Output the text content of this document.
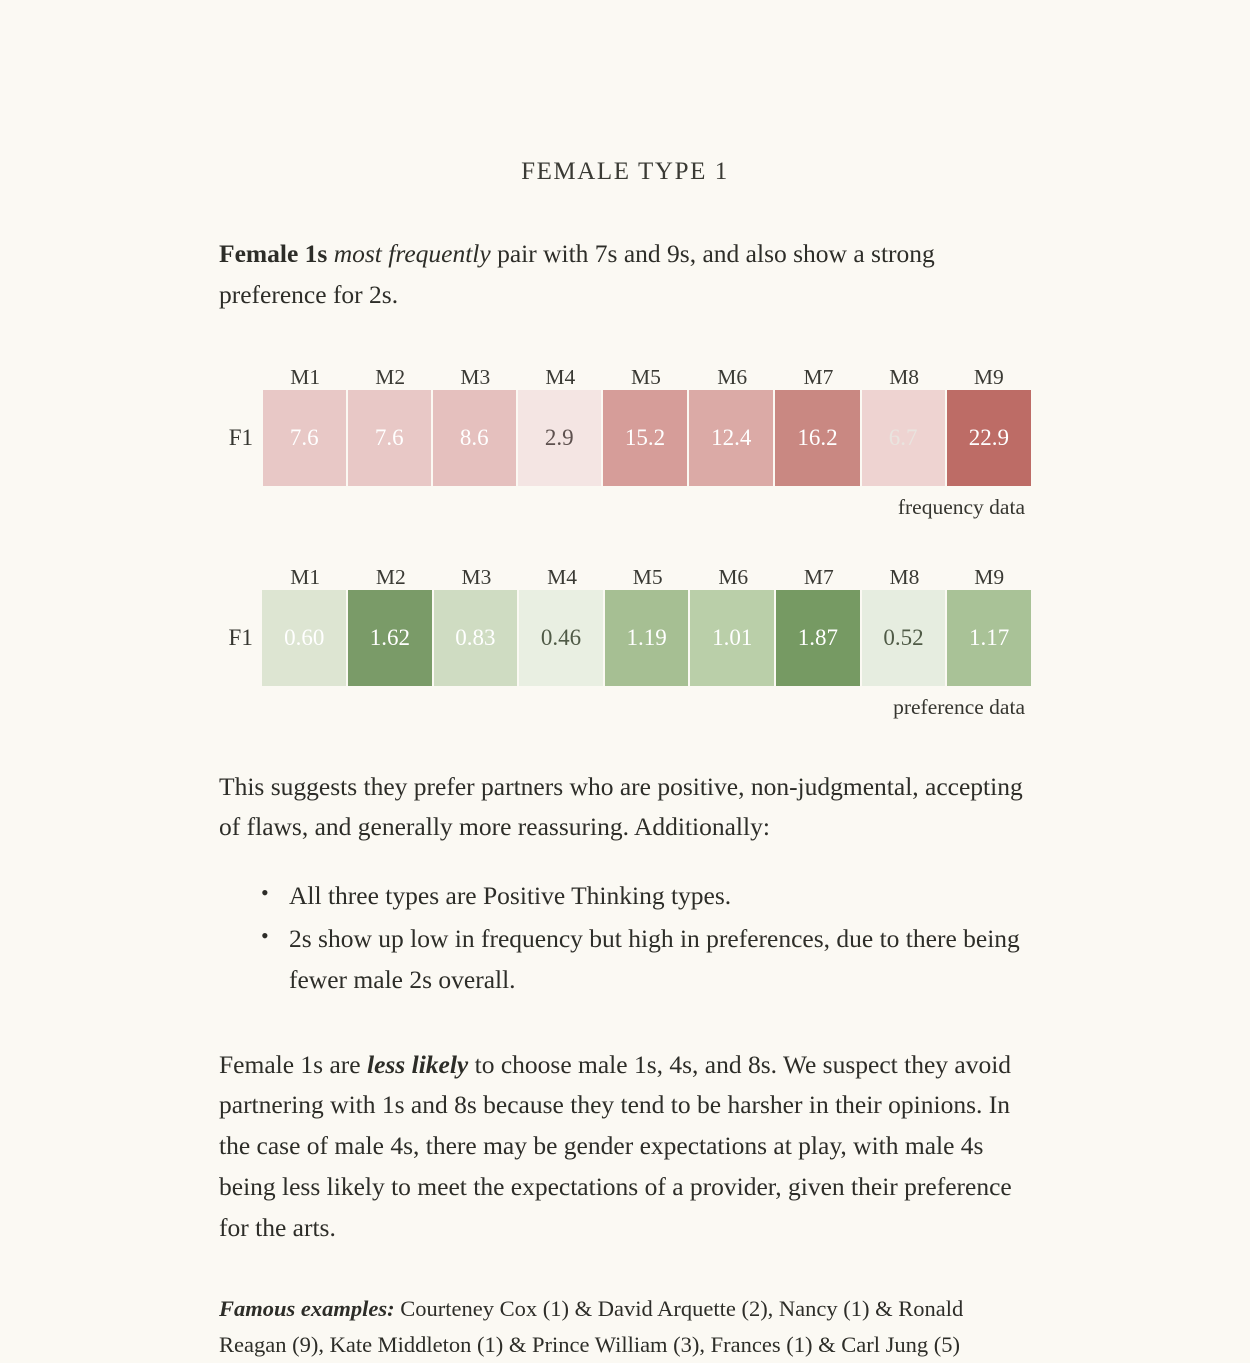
FEMALE TYPE 1

Female 1s most frequently pair with 7s and 9s, and also show a strong preference for 2s.

	M1	M2	M3	M4	M5	M6	M7	M8	M9
F1	7.6	7.6	8.6	2.9	15.2	12.4	16.2	6.7	22.9
frequency data
	M1	M2	M3	M4	M5	M6	M7	M8	M9
F1	0.60	1.62	0.83	0.46	1.19	1.01	1.87	0.52	1.17
preference data

This suggests they prefer partners who are positive, non-judgmental, accepting of flaws, and generally more reassuring. Additionally:

• All three types are Positive Thinking types.
• 2s show up low in frequency but high in preferences, due to there being fewer male 2s overall.

Female 1s are less likely to choose male 1s, 4s, and 8s. We suspect they avoid partnering with 1s and 8s because they tend to be harsher in their opinions. In the case of male 4s, there may be gender expectations at play, with male 4s being less likely to meet the expectations of a provider, given their preference for the arts.

Famous examples: Courteney Cox (1) & David Arquette (2), Nancy (1) & Ronald Reagan (9), Kate Middleton (1) & Prince William (3), Frances (1) & Carl Jung (5)
